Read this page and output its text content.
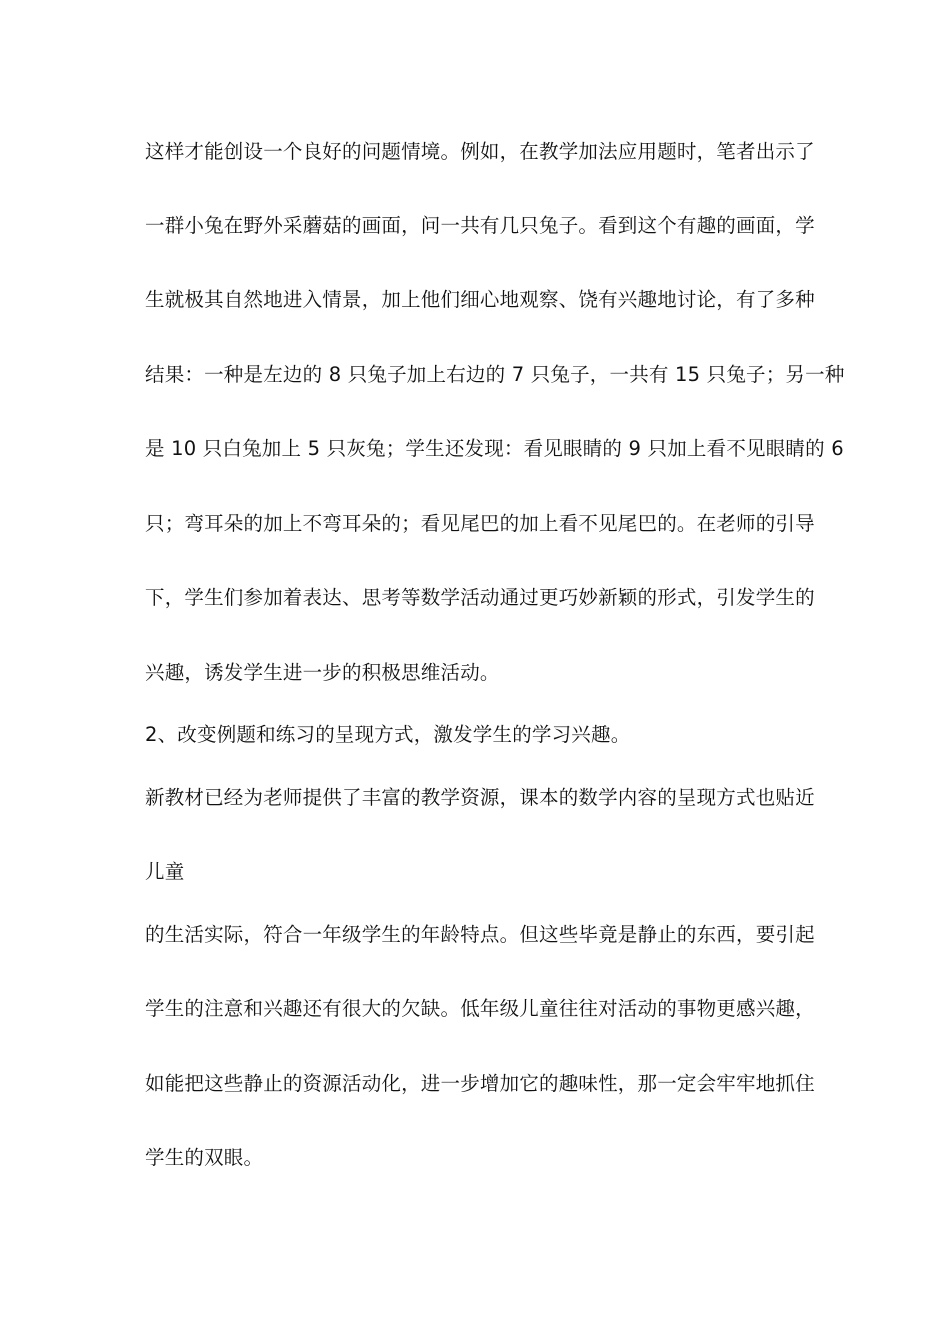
这样才能创设一个良好的问题情境。例如，在教学加法应用题时，笔者出示了
一群小兔在野外采蘑菇的画面，问一共有几只兔子。看到这个有趣的画面，学
生就极其自然地进入情景，加上他们细心地观察、饶有兴趣地讨论，有了多种
结果：一种是左边的 8 只兔子加上右边的 7 只兔子，一共有 15 只兔子；另一种
是 10 只白兔加上 5 只灰兔；学生还发现：看见眼睛的 9 只加上看不见眼睛的 6
只；弯耳朵的加上不弯耳朵的；看见尾巴的加上看不见尾巴的。在老师的引导
下，学生们参加着表达、思考等数学活动通过更巧妙新颖的形式，引发学生的
兴趣，诱发学生进一步的积极思维活动。
2、改变例题和练习的呈现方式，激发学生的学习兴趣。
新教材已经为老师提供了丰富的教学资源，课本的数学内容的呈现方式也贴近
儿童
的生活实际，符合一年级学生的年龄特点。但这些毕竟是静止的东西，要引起
学生的注意和兴趣还有很大的欠缺。低年级儿童往往对活动的事物更感兴趣，
如能把这些静止的资源活动化，进一步增加它的趣味性，那一定会牢牢地抓住
学生的双眼。
